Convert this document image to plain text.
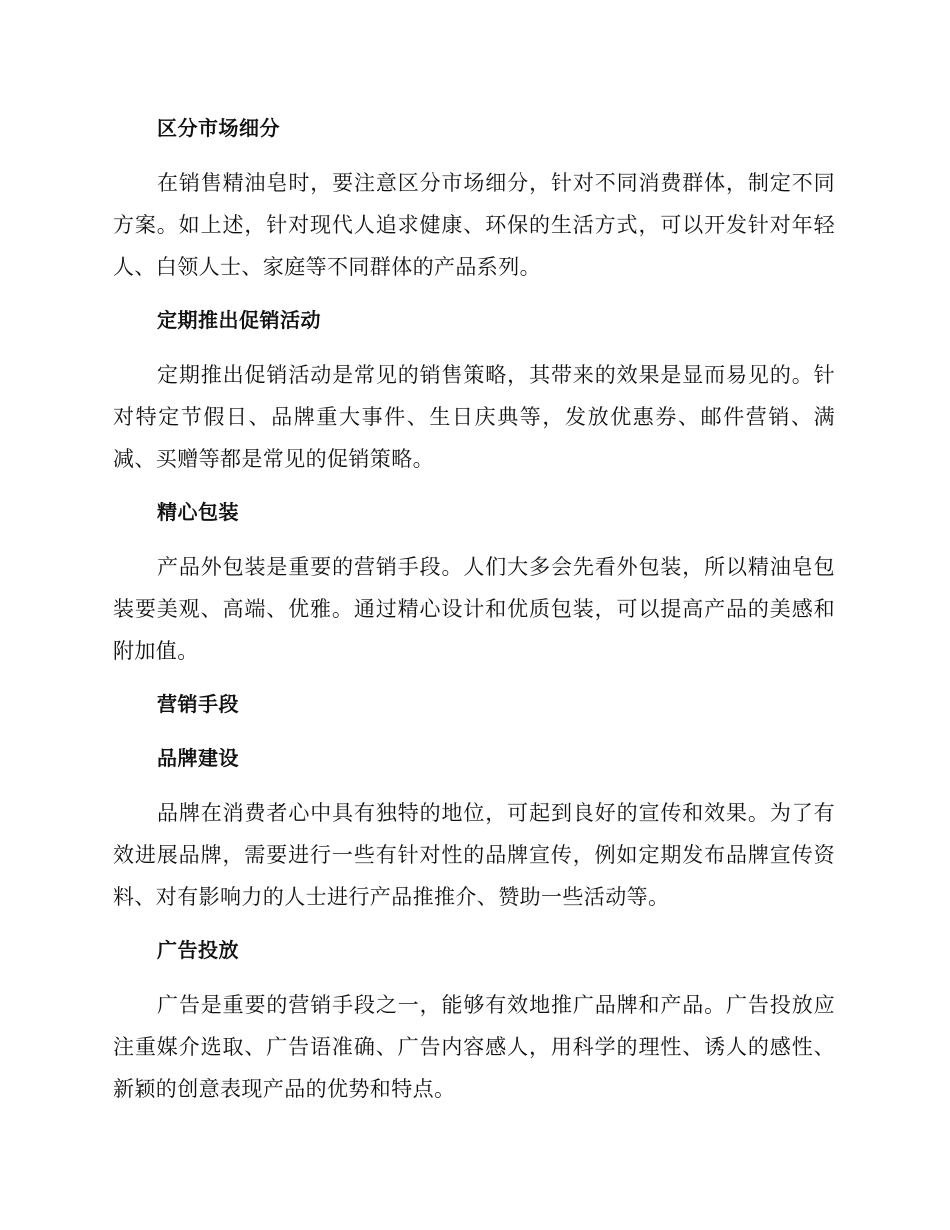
区分市场细分

在销售精油皂时，要注意区分市场细分，针对不同消费群体，制定不同方案。如上述，针对现代人追求健康、环保的生活方式，可以开发针对年轻人、白领人士、家庭等不同群体的产品系列。

定期推出促销活动

定期推出促销活动是常见的销售策略，其带来的效果是显而易见的。针对特定节假日、品牌重大事件、生日庆典等，发放优惠券、邮件营销、满减、买赠等都是常见的促销策略。

精心包装

产品外包装是重要的营销手段。人们大多会先看外包装，所以精油皂包装要美观、高端、优雅。通过精心设计和优质包装，可以提高产品的美感和附加值。

营销手段
品牌建设

品牌在消费者心中具有独特的地位，可起到良好的宣传和效果。为了有效进展品牌，需要进行一些有针对性的品牌宣传，例如定期发布品牌宣传资料、对有影响力的人士进行产品推推介、赞助一些活动等。

广告投放

广告是重要的营销手段之一，能够有效地推广品牌和产品。广告投放应注重媒介选取、广告语准确、广告内容感人，用科学的理性、诱人的感性、新颖的创意表现产品的优势和特点。
